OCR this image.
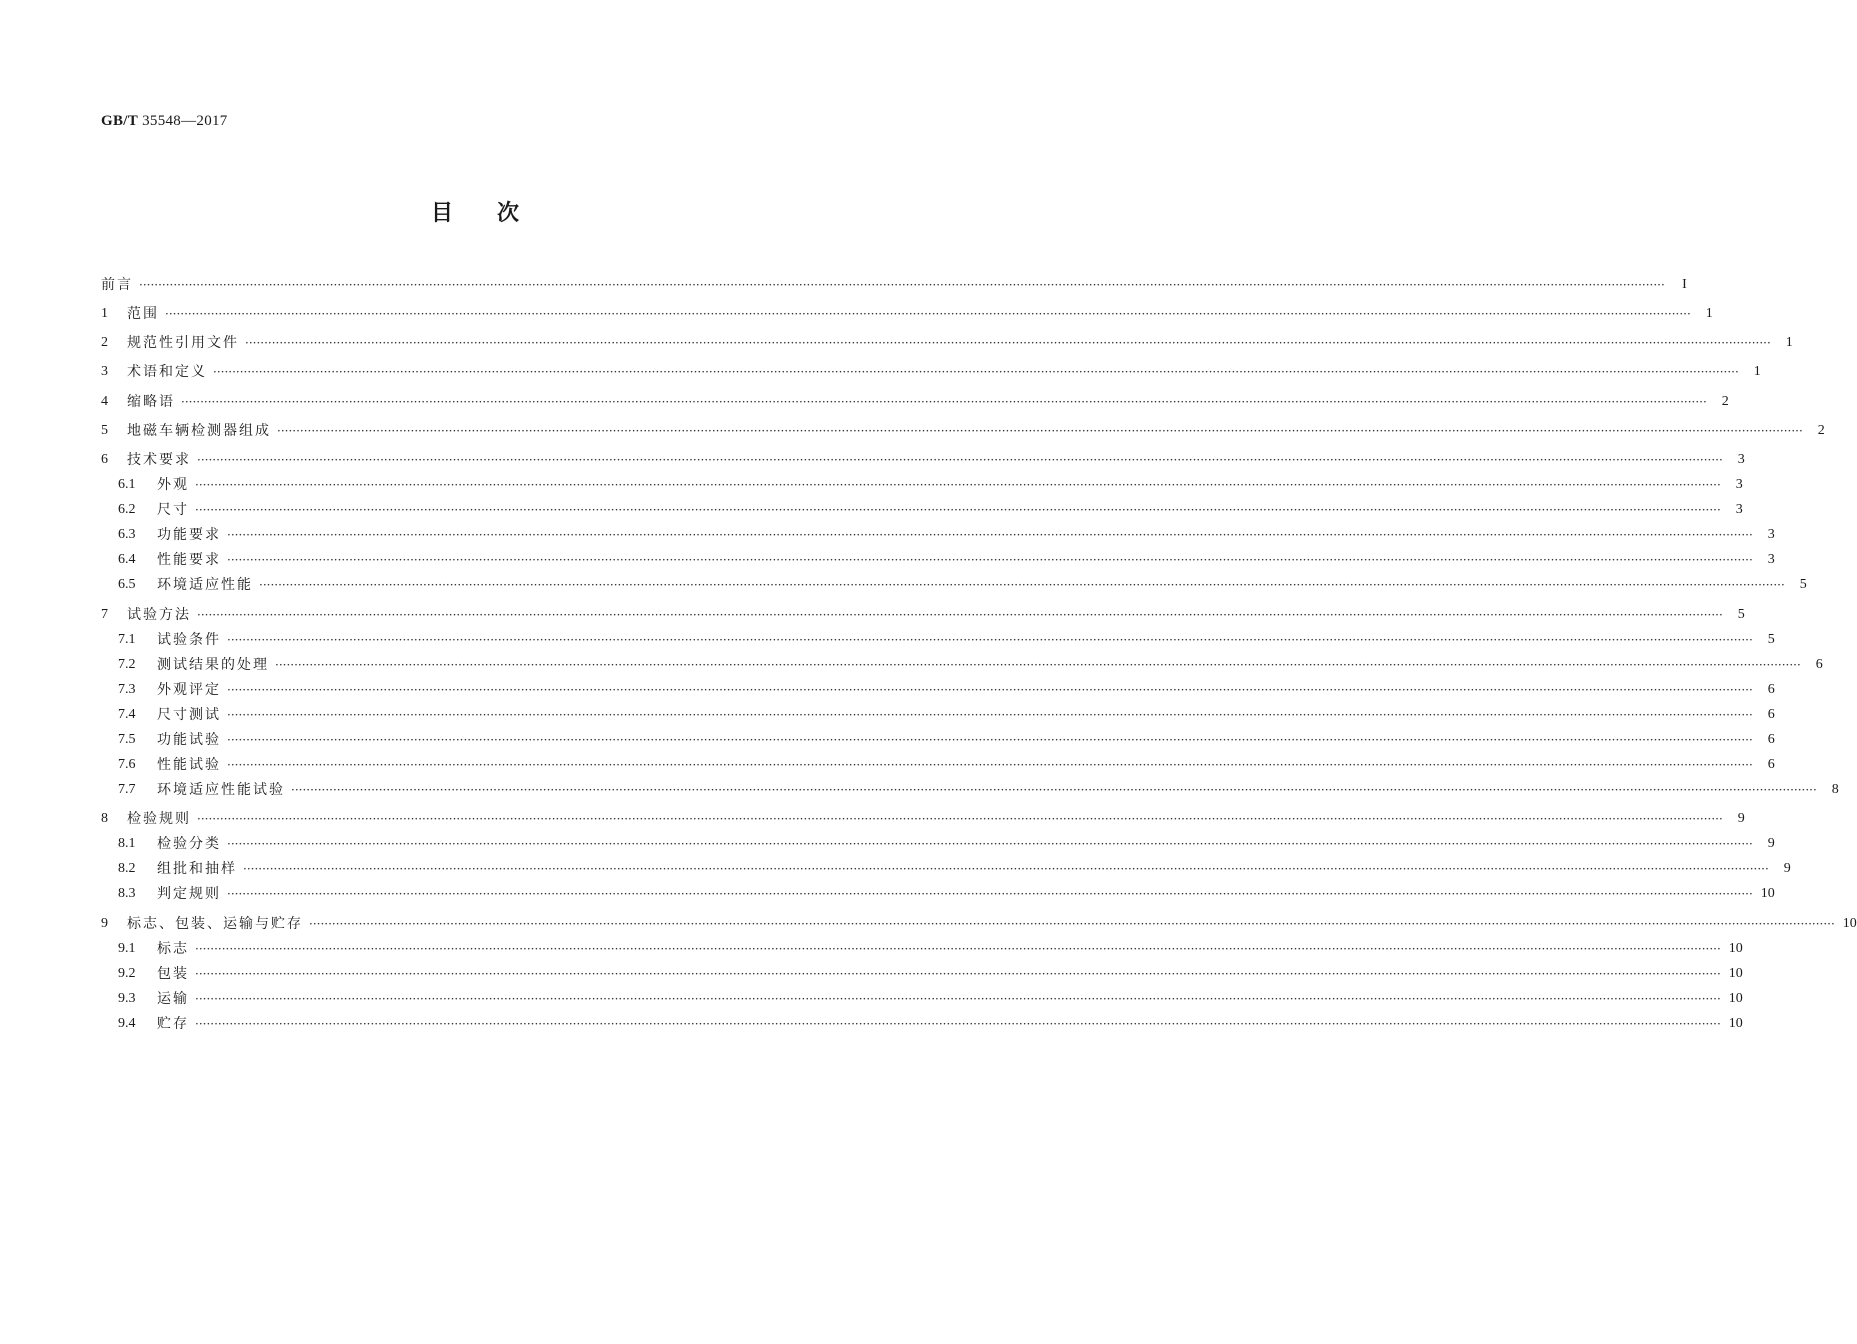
GB/T 35548—2017
目次
前言 ················································································································································································································································································································································································································	I
1	范围 ················································································································································································································································································································································································································	1
2	规范性引用文件 ················································································································································································································································································································································································································	1
3	术语和定义 ················································································································································································································································································································································································································	1
4	缩略语 ················································································································································································································································································································································································································	2
5	地磁车辆检测器组成 ················································································································································································································································································································································································································	2
6	技术要求 ················································································································································································································································································································································································································	3
6.1	外观 ················································································································································································································································································································································································································	3
6.2	尺寸 ················································································································································································································································································································································································································	3
6.3	功能要求 ················································································································································································································································································································································································································	3
6.4	性能要求 ················································································································································································································································································································································································································	3
6.5	环境适应性能 ················································································································································································································································································································································································································	5
7	试验方法 ················································································································································································································································································································································································································	5
7.1	试验条件 ················································································································································································································································································································································································································	5
7.2	测试结果的处理 ················································································································································································································································································································································································································	6
7.3	外观评定 ················································································································································································································································································································································································································	6
7.4	尺寸测试 ················································································································································································································································································································································································································	6
7.5	功能试验 ················································································································································································································································································································································································································	6
7.6	性能试验 ················································································································································································································································································································································································································	6
7.7	环境适应性能试验 ················································································································································································································································································································································································································	8
8	检验规则 ················································································································································································································································································································································································································	9
8.1	检验分类 ················································································································································································································································································································································································································	9
8.2	组批和抽样 ················································································································································································································································································································································································································	9
8.3	判定规则 ················································································································································································································································································································································································································ 10
9	标志、包装、运输与贮存 ················································································································································································································································································································································································································ 10
9.1	标志 ················································································································································································································································································································································································································ 10
9.2	包装 ················································································································································································································································································································································································································ 10
9.3	运输 ················································································································································································································································································································································································································ 10
9.4	贮存 ················································································································································································································································································································································································································ 10
